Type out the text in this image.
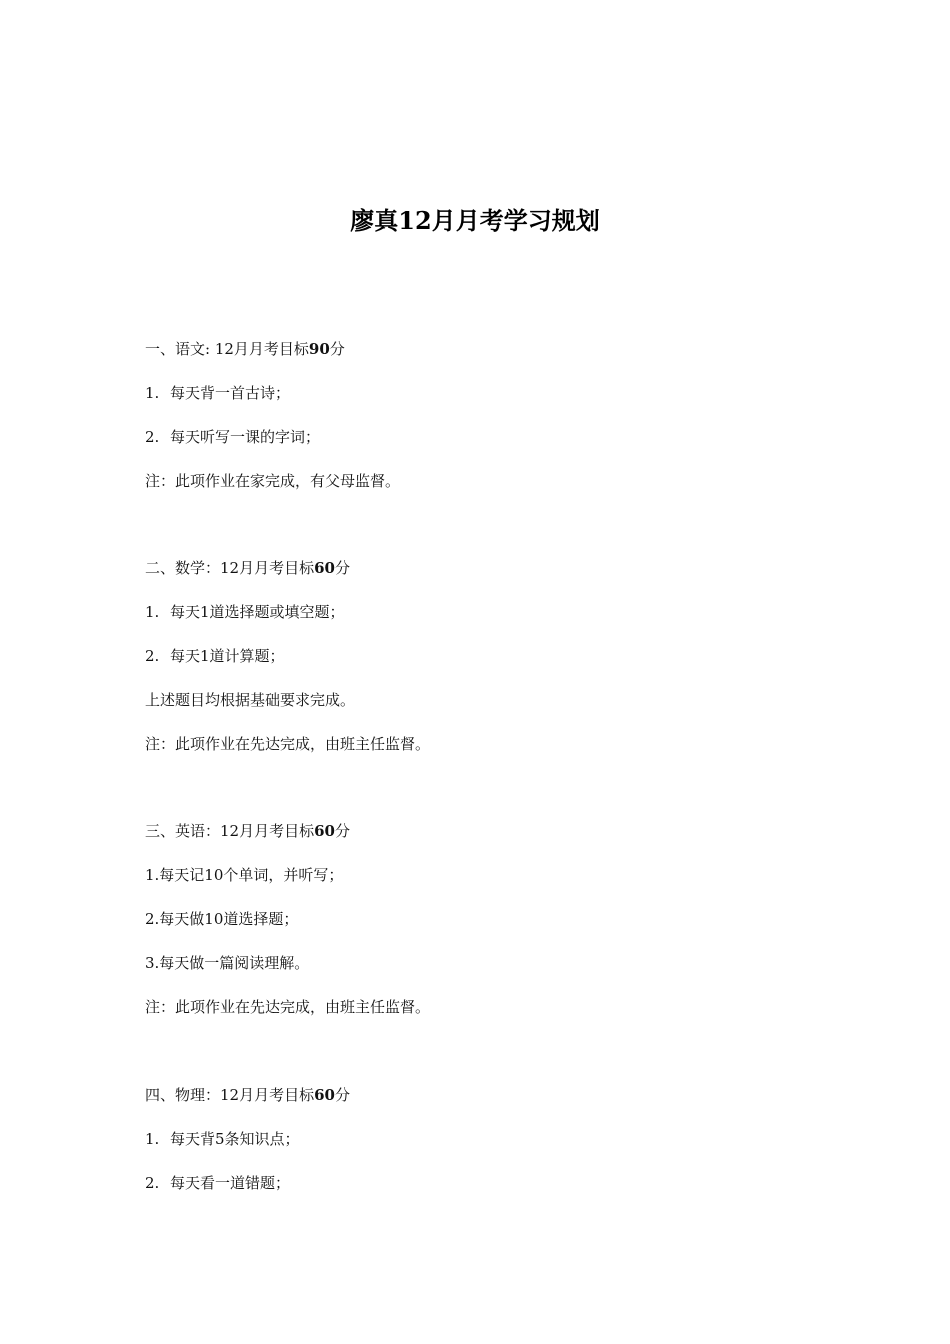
廖真12月月考学习规划

一、语文: 12月月考目标90分

1. 每天背一首古诗；

2. 每天听写一课的字词；

注：此项作业在家完成，有父母监督。

二、数学：12月月考目标60分

1. 每天1道选择题或填空题；

2. 每天1道计算题；

上述题目均根据基础要求完成。

注：此项作业在先达完成，由班主任监督。

三、英语：12月月考目标60分

1.每天记10个单词，并听写；

2.每天做10道选择题；

3.每天做一篇阅读理解。

注：此项作业在先达完成，由班主任监督。

四、物理：12月月考目标60分

1. 每天背5条知识点；

2. 每天看一道错题；
